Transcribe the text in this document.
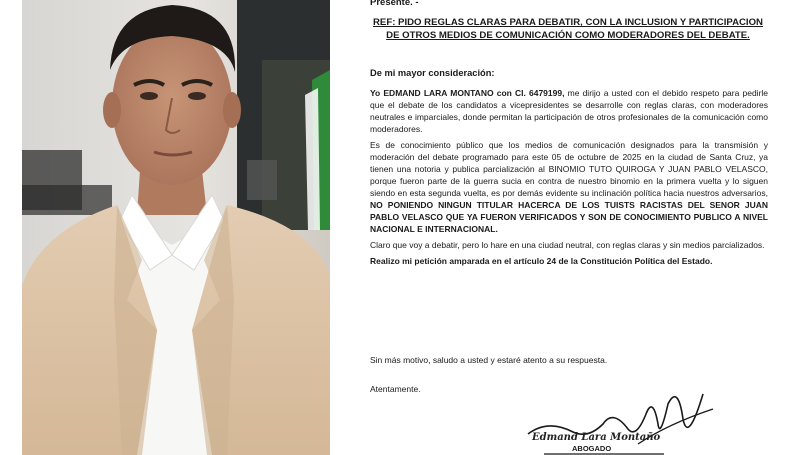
Presente. -
REF: PIDO REGLAS CLARAS PARA DEBATIR, CON LA INCLUSION Y PARTICIPACION DE OTROS MEDIOS DE COMUNICACIÓN COMO MODERADORES DEL DEBATE.
De mi mayor consideración:

Yo EDMAND LARA MONTANO con CI. 6479199, me dirijo a usted con el debido respeto para pedirle que el debate de los candidatos a vicepresidentes se desarrolle con reglas claras, con moderadores neutrales e imparciales, donde permitan la participación de otros profesionales de la comunicación como moderadores.

Es de conocimiento público que los medios de comunicación designados para la transmisión y moderación del debate programado para este 05 de octubre de 2025 en la ciudad de Santa Cruz, ya tienen una notoria y publica parcialización al BINOMIO TUTO QUIROGA Y JUAN PABLO VELASCO, porque fueron parte de la guerra sucia en contra de nuestro binomio en la primera vuelta y lo siguen siendo en esta segunda vuelta, es por demás evidente su inclinación política hacia nuestros adversarios, NO PONIENDO NINGUN TITULAR HACERCA DE LOS TUISTS RACISTAS DEL SENOR JUAN PABLO VELASCO QUE YA FUERON VERIFICADOS Y SON DE CONOCIMIENTO PUBLICO A NIVEL NACIONAL E INTERNACIONAL.

Claro que voy a debatir, pero lo hare en una ciudad neutral, con reglas claras y sin medios parcializados.

Realizo mi petición amparada en el artículo 24 de la Constitución Política del Estado.

Sin más motivo, saludo a usted y estaré atento a su respuesta.
Atentamente.
Edmand Lara Montaño
ABOGADO
